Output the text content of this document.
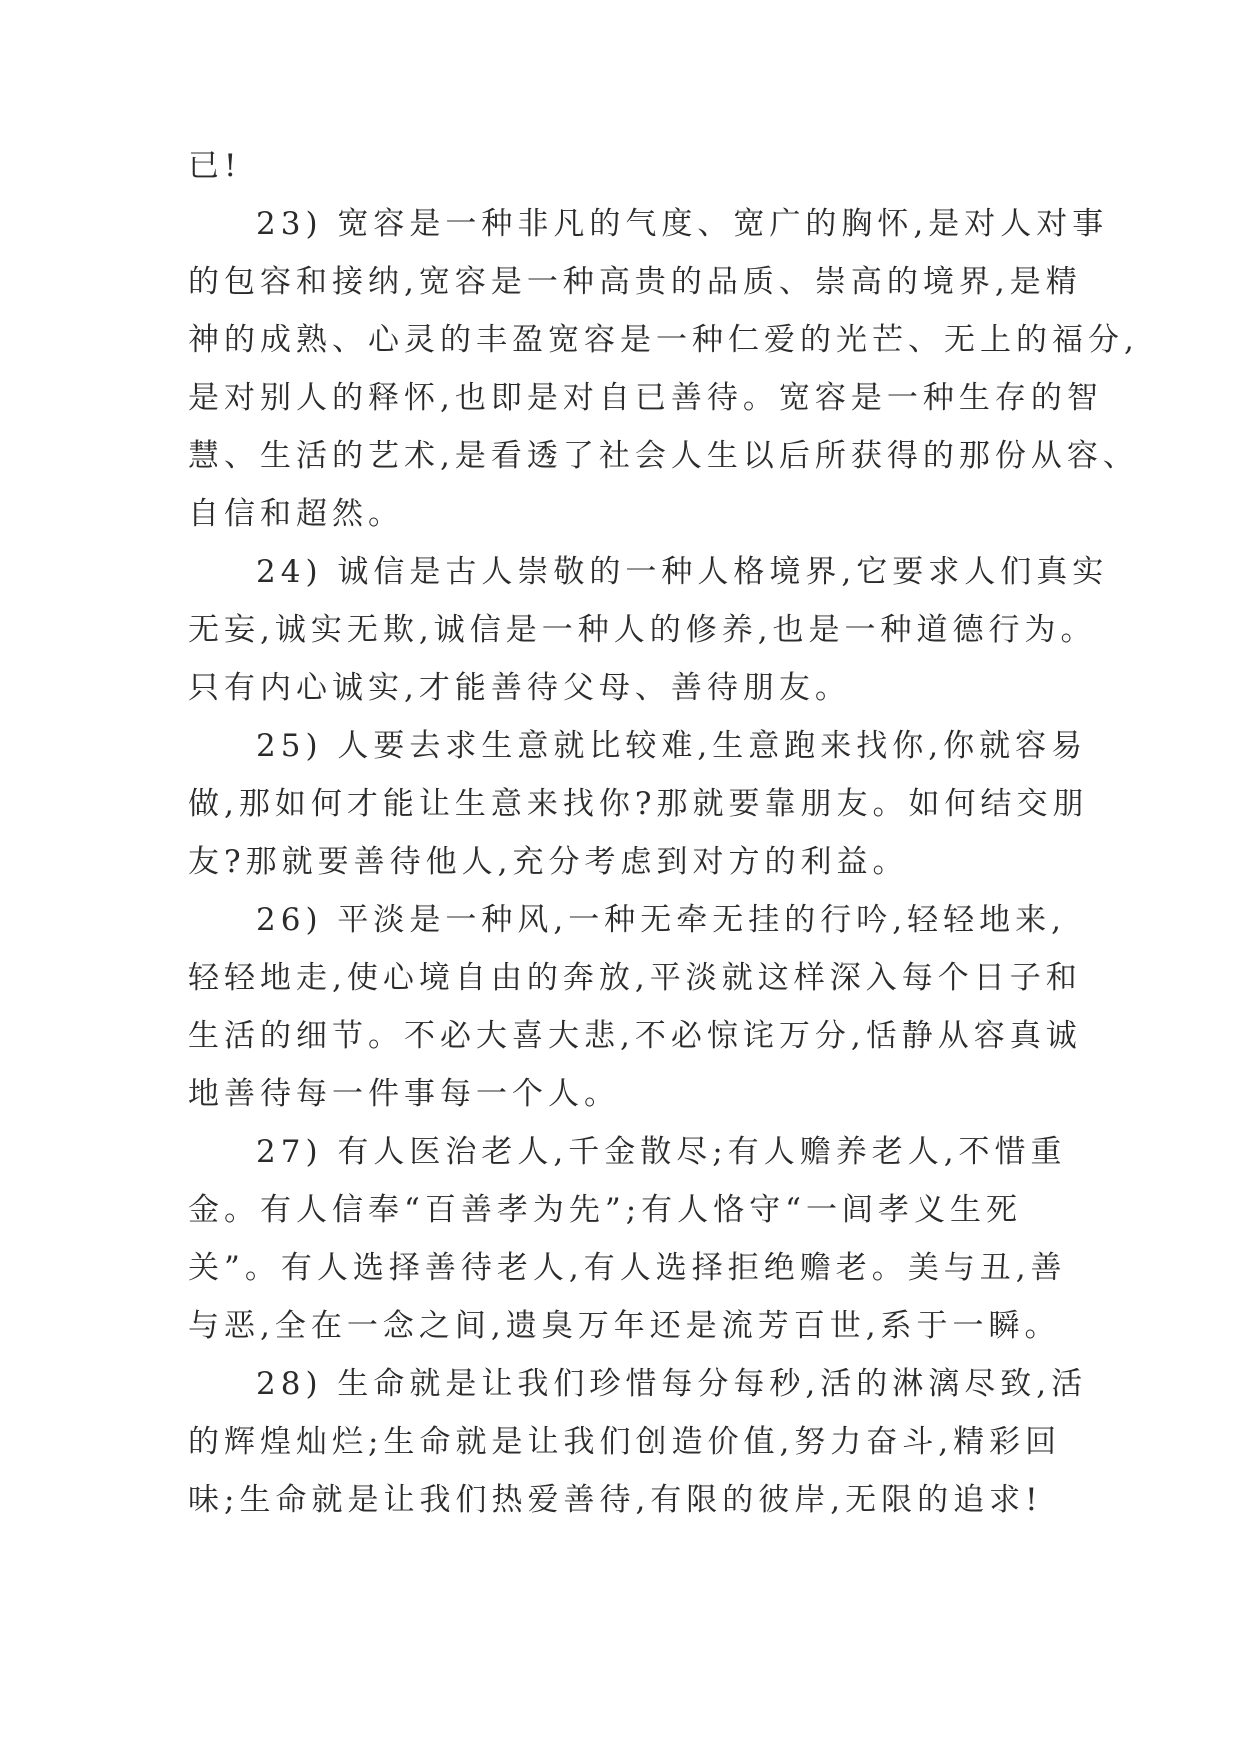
已!
23) 宽容是一种非凡的气度、宽广的胸怀,是对人对事
的包容和接纳,宽容是一种高贵的品质、崇高的境界,是精
神的成熟、心灵的丰盈宽容是一种仁爱的光芒、无上的福分,
是对别人的释怀,也即是对自已善待。宽容是一种生存的智
慧、生活的艺术,是看透了社会人生以后所获得的那份从容、
自信和超然。
24) 诚信是古人崇敬的一种人格境界,它要求人们真实
无妄,诚实无欺,诚信是一种人的修养,也是一种道德行为。
只有内心诚实,才能善待父母、善待朋友。
25) 人要去求生意就比较难,生意跑来找你,你就容易
做,那如何才能让生意来找你?那就要靠朋友。如何结交朋
友?那就要善待他人,充分考虑到对方的利益。
26) 平淡是一种风,一种无牵无挂的行吟,轻轻地来,
轻轻地走,使心境自由的奔放,平淡就这样深入每个日子和
生活的细节。不必大喜大悲,不必惊诧万分,恬静从容真诚
地善待每一件事每一个人。
27) 有人医治老人,千金散尽;有人赡养老人,不惜重
金。有人信奉“百善孝为先”;有人恪守“一闾孝义生死
关”。有人选择善待老人,有人选择拒绝赡老。美与丑,善
与恶,全在一念之间,遗臭万年还是流芳百世,系于一瞬。
28) 生命就是让我们珍惜每分每秒,活的淋漓尽致,活
的辉煌灿烂;生命就是让我们创造价值,努力奋斗,精彩回
味;生命就是让我们热爱善待,有限的彼岸,无限的追求!
